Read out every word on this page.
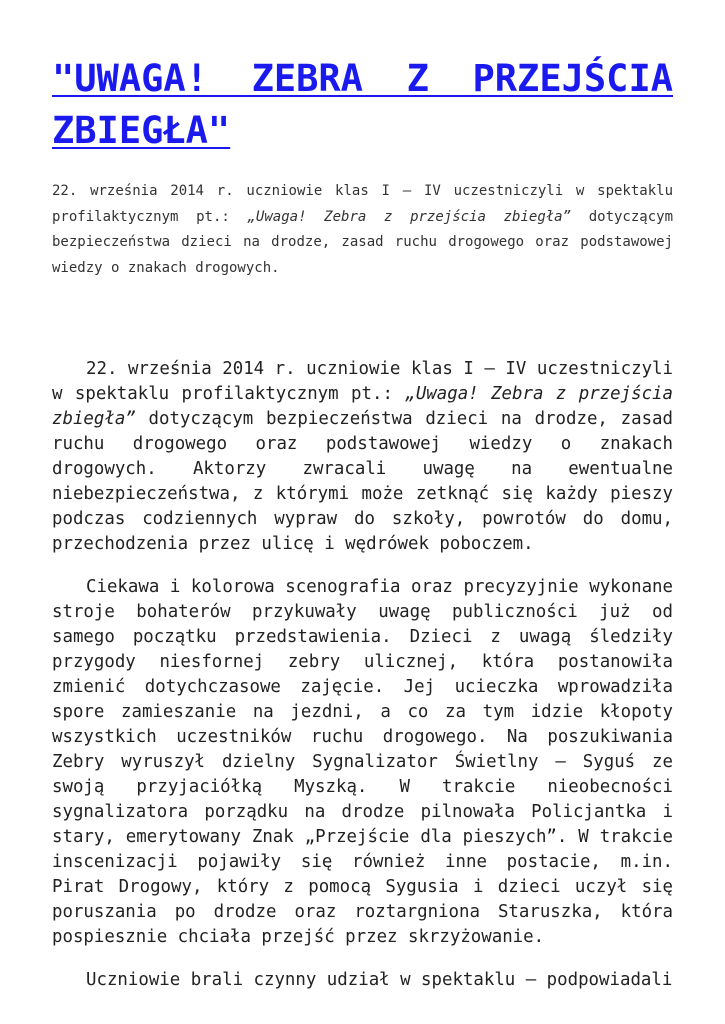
"UWAGA! ZEBRA Z PRZEJŚCIA
ZBIEGŁA"

22. września 2014 r. uczniowie klas I – IV uczestniczyli w spektaklu profilaktycznym pt.: „Uwaga! Zebra z przejścia zbiegła” dotyczącym bezpieczeństwa dzieci na drodze, zasad ruchu drogowego oraz podstawowej wiedzy o znakach drogowych.

22. września 2014 r. uczniowie klas I – IV uczestniczyli w spektaklu profilaktycznym pt.: „Uwaga! Zebra z przejścia zbiegła” dotyczącym bezpieczeństwa dzieci na drodze, zasad ruchu drogowego oraz podstawowej wiedzy o znakach drogowych. Aktorzy zwracali uwagę na ewentualne niebezpieczeństwa, z którymi może zetknąć się każdy pieszy podczas codziennych wypraw do szkoły, powrotów do domu, przechodzenia przez ulicę i wędrówek poboczem.

Ciekawa i kolorowa scenografia oraz precyzyjnie wykonane stroje bohaterów przykuwały uwagę publiczności już od samego początku przedstawienia. Dzieci z uwagą śledziły przygody niesfornej zebry ulicznej, która postanowiła zmienić dotychczasowe zajęcie. Jej ucieczka wprowadziła spore zamieszanie na jezdni, a co za tym idzie kłopoty wszystkich uczestników ruchu drogowego. Na poszukiwania Zebry wyruszył dzielny Sygnalizator Świetlny – Syguś ze swoją przyjaciółką Myszką. W trakcie nieobecności sygnalizatora porządku na drodze pilnowała Policjantka i stary, emerytowany Znak „Przejście dla pieszych”. W trakcie inscenizacji pojawiły się również inne postacie, m.in. Pirat Drogowy, który z pomocą Sygusia i dzieci uczył się poruszania po drodze oraz roztargniona Staruszka, która pospiesznie chciała przejść przez skrzyżowanie.

Uczniowie brali czynny udział w spektaklu – podpowiadali
